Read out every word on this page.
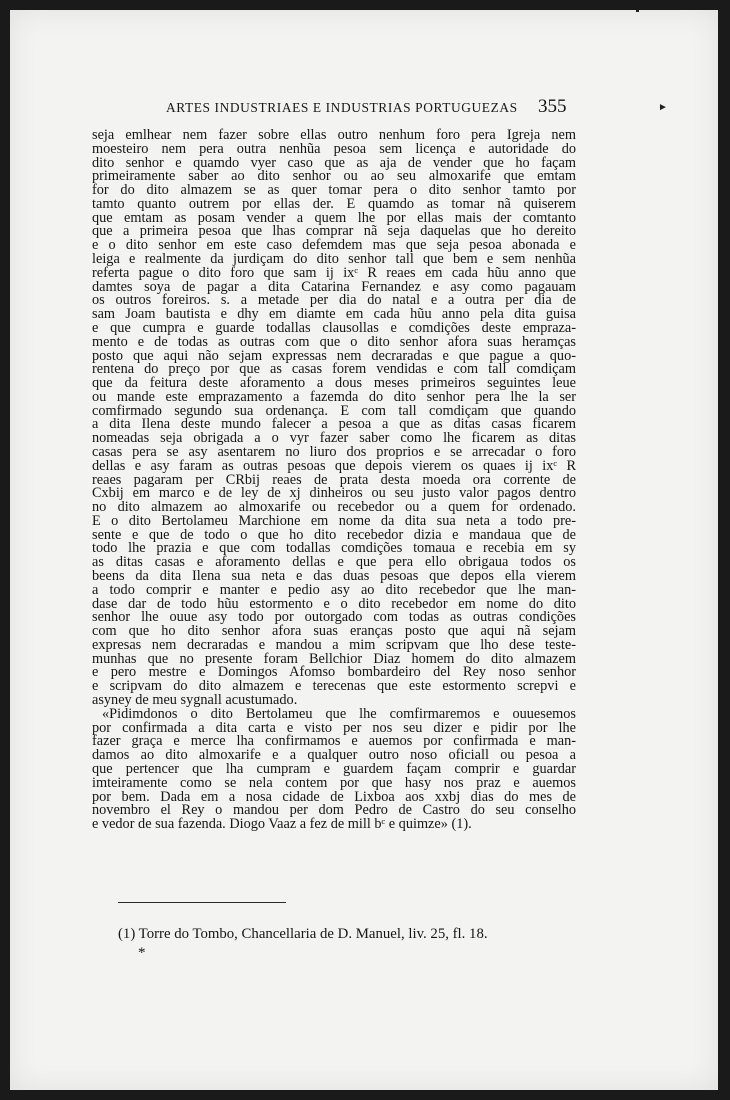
ARTES INDUSTRIAES E INDUSTRIAS PORTUGUEZAS 355	►
seja emlhear nem fazer sobre ellas outro nenhum foro pera Igreja nem
moesteiro nem pera outra nenhũa pesoa sem licença e autoridade do
dito senhor e quamdo vyer caso que as aja de vender que ho façam
primeiramente saber ao dito senhor ou ao seu almoxarife que emtam
for do dito almazem se as quer tomar pera o dito senhor tamto por
tamto quanto outrem por ellas der. E quamdo as tomar nã quiserem
que emtam as posam vender a quem lhe por ellas mais der comtanto
que a primeira pesoa que lhas comprar nã seja daquelas que ho dereito
e o dito senhor em este caso defemdem mas que seja pesoa abonada e
leiga e realmente da jurdiçam do dito senhor tall que bem e sem nenhũa
referta pague o dito foro que sam ij ixᶜ R reaes em cada hũu anno que
damtes soya de pagar a dita Catarina Fernandez e asy como pagauam
os outros foreiros. s. a metade per dia do natal e a outra per dia de
sam Joam bautista e dhy em diamte em cada hũu anno pela dita guisa
e que cumpra e guarde todallas clausollas e comdições deste empraza-
mento e de todas as outras com que o dito senhor afora suas heramças
posto que aqui não sejam expressas nem decraradas e que pague a quo-
rentena do preço por que as casas forem vendidas e com tall comdiçam
que da feitura deste aforamento a dous meses primeiros seguintes leue
ou mande este emprazamento a fazemda do dito senhor pera lhe la ser
comfirmado segundo sua ordenança. E com tall comdiçam que quando
a dita Ilena deste mundo falecer a pesoa a que as ditas casas ficarem
nomeadas seja obrigada a o vyr fazer saber como lhe ficarem as ditas
casas pera se asy asentarem no liuro dos proprios e se arrecadar o foro
dellas e asy faram as outras pesoas que depois vierem os quaes ij ixᶜ R
reaes pagaram per CRbij reaes de prata desta moeda ora corrente de
Cxbij em marco e de ley de xj dinheiros ou seu justo valor pagos dentro
no dito almazem ao almoxarife ou recebedor ou a quem for ordenado.
E o dito Bertolameu Marchione em nome da dita sua neta a todo pre-
sente e que de todo o que ho dito recebedor dizia e mandaua que de
todo lhe prazia e que com todallas comdições tomaua e recebia em sy
as ditas casas e aforamento dellas e que pera ello obrigaua todos os
beens da dita Ilena sua neta e das duas pesoas que depos ella vierem
a todo comprir e manter e pedio asy ao dito recebedor que lhe man-
dase dar de todo hũu estormento e o dito recebedor em nome do dito
senhor lhe ouue asy todo por outorgado com todas as outras condições
com que ho dito senhor afora suas eranças posto que aqui nã sejam
expresas nem decraradas e mandou a mim scripvam que lho dese teste-
munhas que no presente foram Bellchior Diaz homem do dito almazem
e pero mestre e Domingos Afomso bombardeiro del Rey noso senhor
e scripvam do dito almazem e terecenas que este estormento screpvi e
asyney de meu sygnall acustumado.
«Pidimdonos o dito Bertolameu que lhe comfirmaremos e ouuesemos
por confirmada a dita carta e visto per nos seu dizer e pidir por lhe
fazer graça e merce lha confirmamos e auemos por confirmada e man-
damos ao dito almoxarife e a qualquer outro noso oficiall ou pesoa a
que pertencer que lha cumpram e guardem façam comprir e guardar
imteiramente como se nela contem por que hasy nos praz e auemos
por bem. Dada em a nosa cidade de Lixboa aos xxbj dias do mes de
novembro el Rey o mandou per dom Pedro de Castro do seu conselho
e vedor de sua fazenda. Diogo Vaaz a fez de mill bᶜ e quimze» (1).
(1) Torre do Tombo, Chancellaria de D. Manuel, liv. 25, fl. 18.
*
